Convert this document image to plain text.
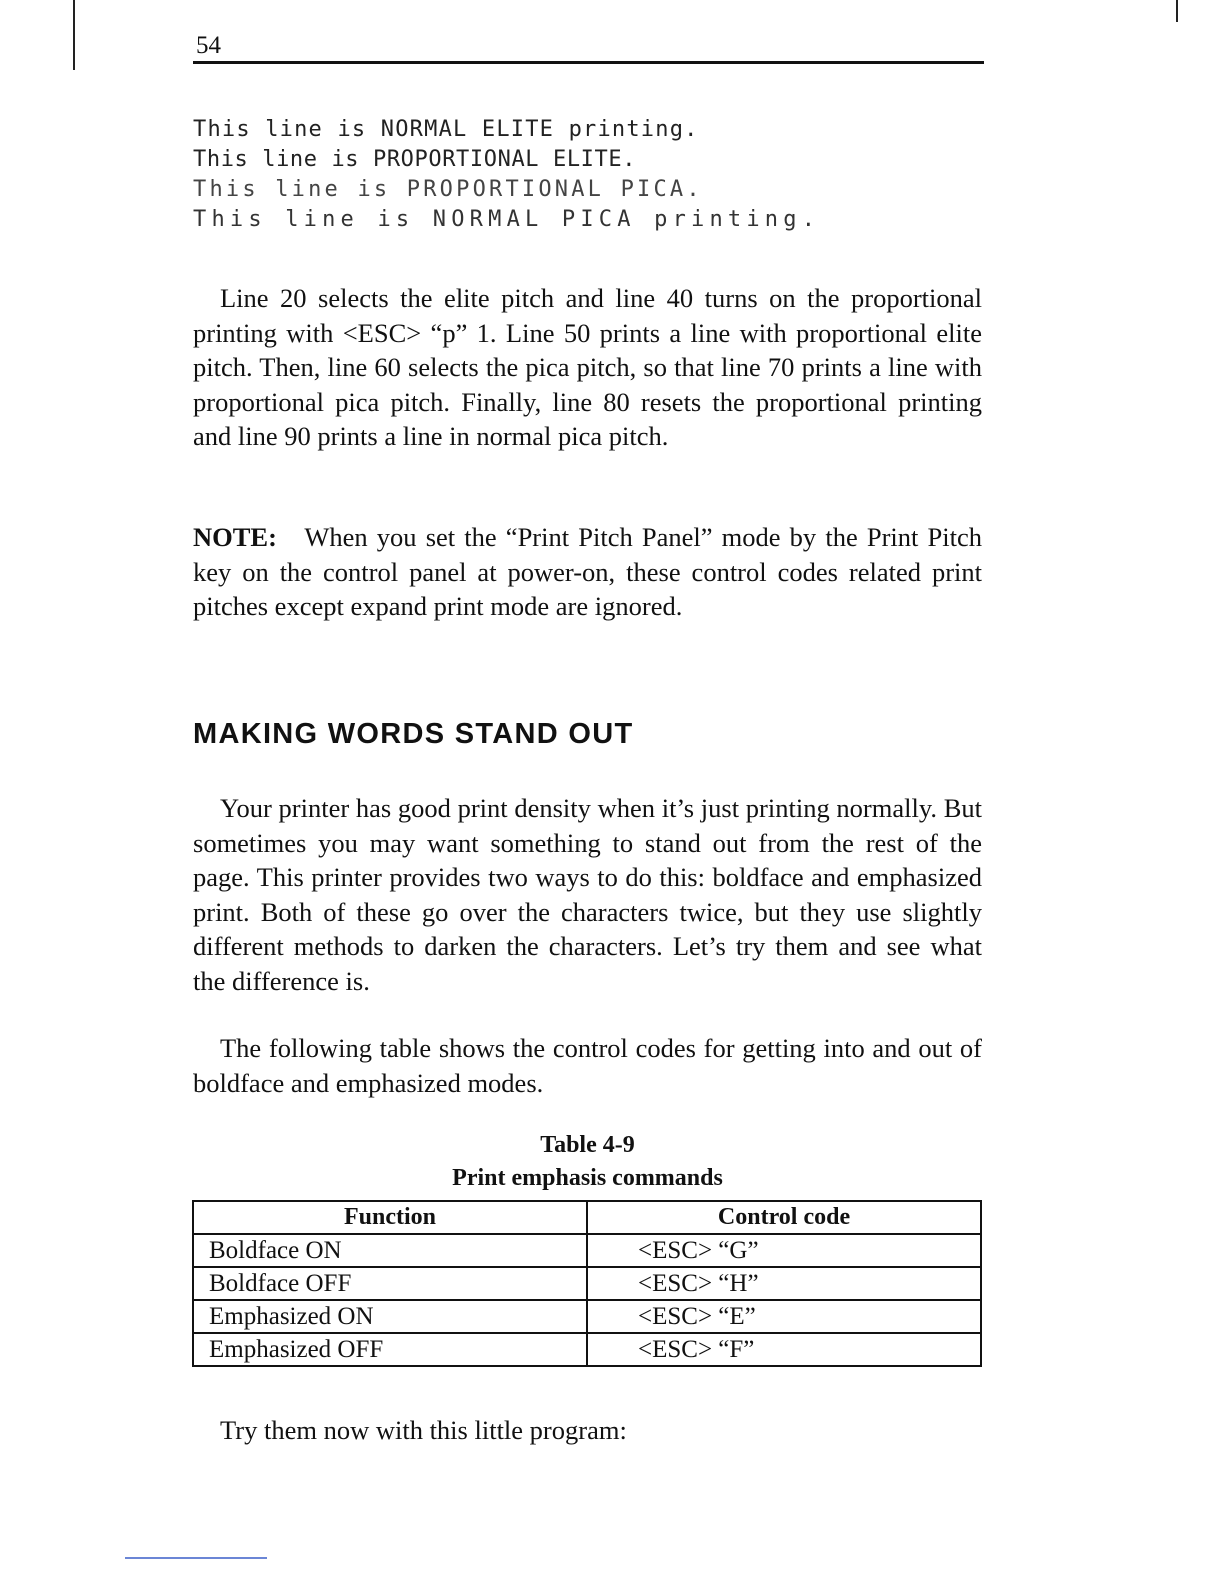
54
This line is NORMAL ELITE printing.
This line is PROPORTIONAL ELITE.
This line is PROPORTIONAL PICA.
This line is NORMAL PICA printing.

Line 20 selects the elite pitch and line 40 turns on the proportional printing with <ESC> “p” 1. Line 50 prints a line with proportional elite pitch. Then, line 60 selects the pica pitch, so that line 70 prints a line with proportional pica pitch. Finally, line 80 resets the proportional printing and line 90 prints a line in normal pica pitch.

NOTE: When you set the “Print Pitch Panel” mode by the Print Pitch key on the control panel at power-on, these control codes related print pitches except expand print mode are ignored.

MAKING WORDS STAND OUT

Your printer has good print density when it’s just printing normally. But sometimes you may want something to stand out from the rest of the page. This printer provides two ways to do this: boldface and emphasized print. Both of these go over the characters twice, but they use slightly different methods to darken the characters. Let’s try them and see what the difference is.

The following table shows the control codes for getting into and out of boldface and emphasized modes.

Table 4-9
Print emphasis commands
Function	Control code
Boldface ON	<ESC> “G”
Boldface OFF	<ESC> “H”
Emphasized ON	<ESC> “E”
Emphasized OFF	<ESC> “F”

Try them now with this little program:
